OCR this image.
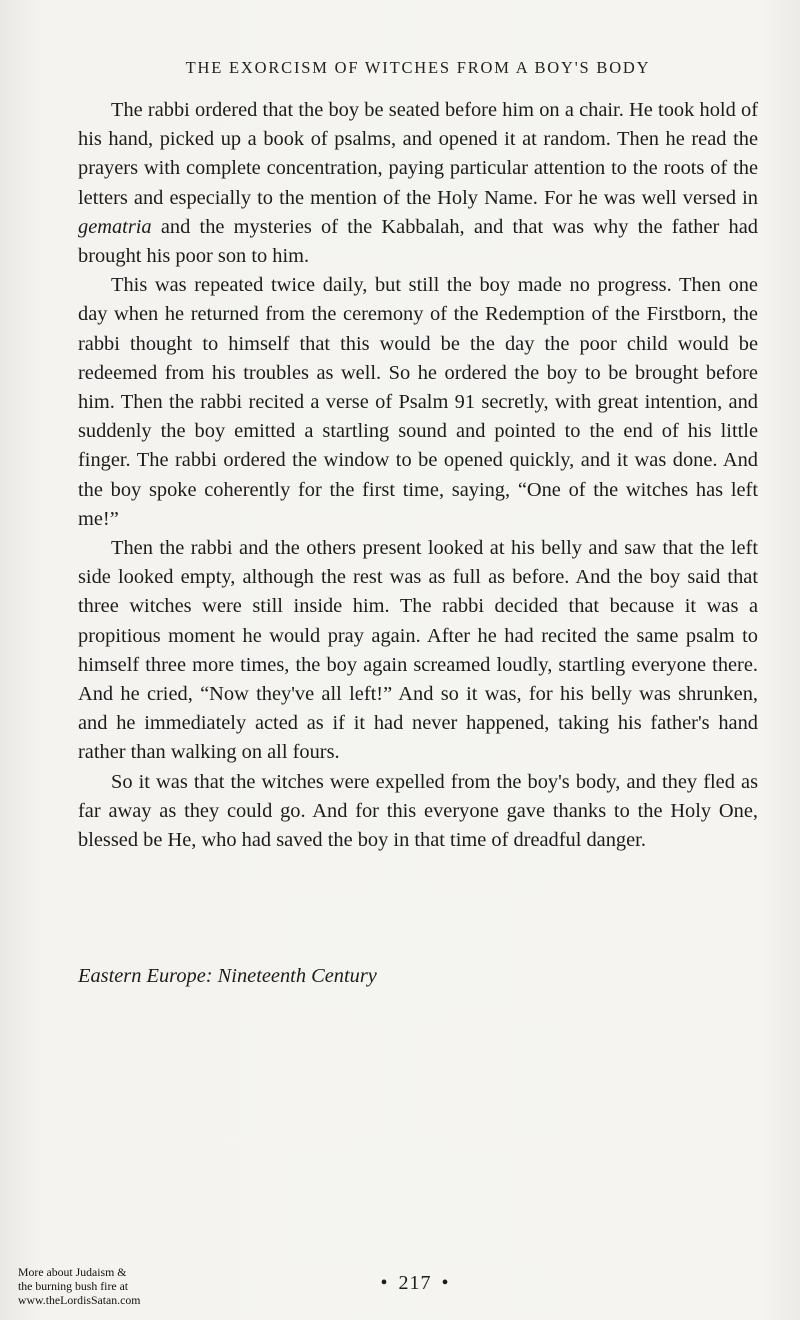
THE EXORCISM OF WITCHES FROM A BOY'S BODY

The rabbi ordered that the boy be seated before him on a chair. He took hold of his hand, picked up a book of psalms, and opened it at random. Then he read the prayers with complete concentration, paying particular attention to the roots of the letters and especially to the mention of the Holy Name. For he was well versed in gematria and the mysteries of the Kabbalah, and that was why the father had brought his poor son to him.

This was repeated twice daily, but still the boy made no progress. Then one day when he returned from the ceremony of the Redemption of the Firstborn, the rabbi thought to himself that this would be the day the poor child would be redeemed from his troubles as well. So he ordered the boy to be brought before him. Then the rabbi recited a verse of Psalm 91 secretly, with great intention, and suddenly the boy emitted a startling sound and pointed to the end of his little finger. The rabbi ordered the window to be opened quickly, and it was done. And the boy spoke coherently for the first time, saying, “One of the witches has left me!”

Then the rabbi and the others present looked at his belly and saw that the left side looked empty, although the rest was as full as before. And the boy said that three witches were still inside him. The rabbi decided that because it was a propitious moment he would pray again. After he had recited the same psalm to himself three more times, the boy again screamed loudly, startling everyone there. And he cried, “Now they've all left!” And so it was, for his belly was shrunken, and he immediately acted as if it had never happened, taking his father's hand rather than walking on all fours.

So it was that the witches were expelled from the boy's body, and they fled as far away as they could go. And for this everyone gave thanks to the Holy One, blessed be He, who had saved the boy in that time of dreadful danger.

Eastern Europe: Nineteenth Century

• 217 •
More about Judaism &
the burning bush fire at
www.theLordisSatan.com
